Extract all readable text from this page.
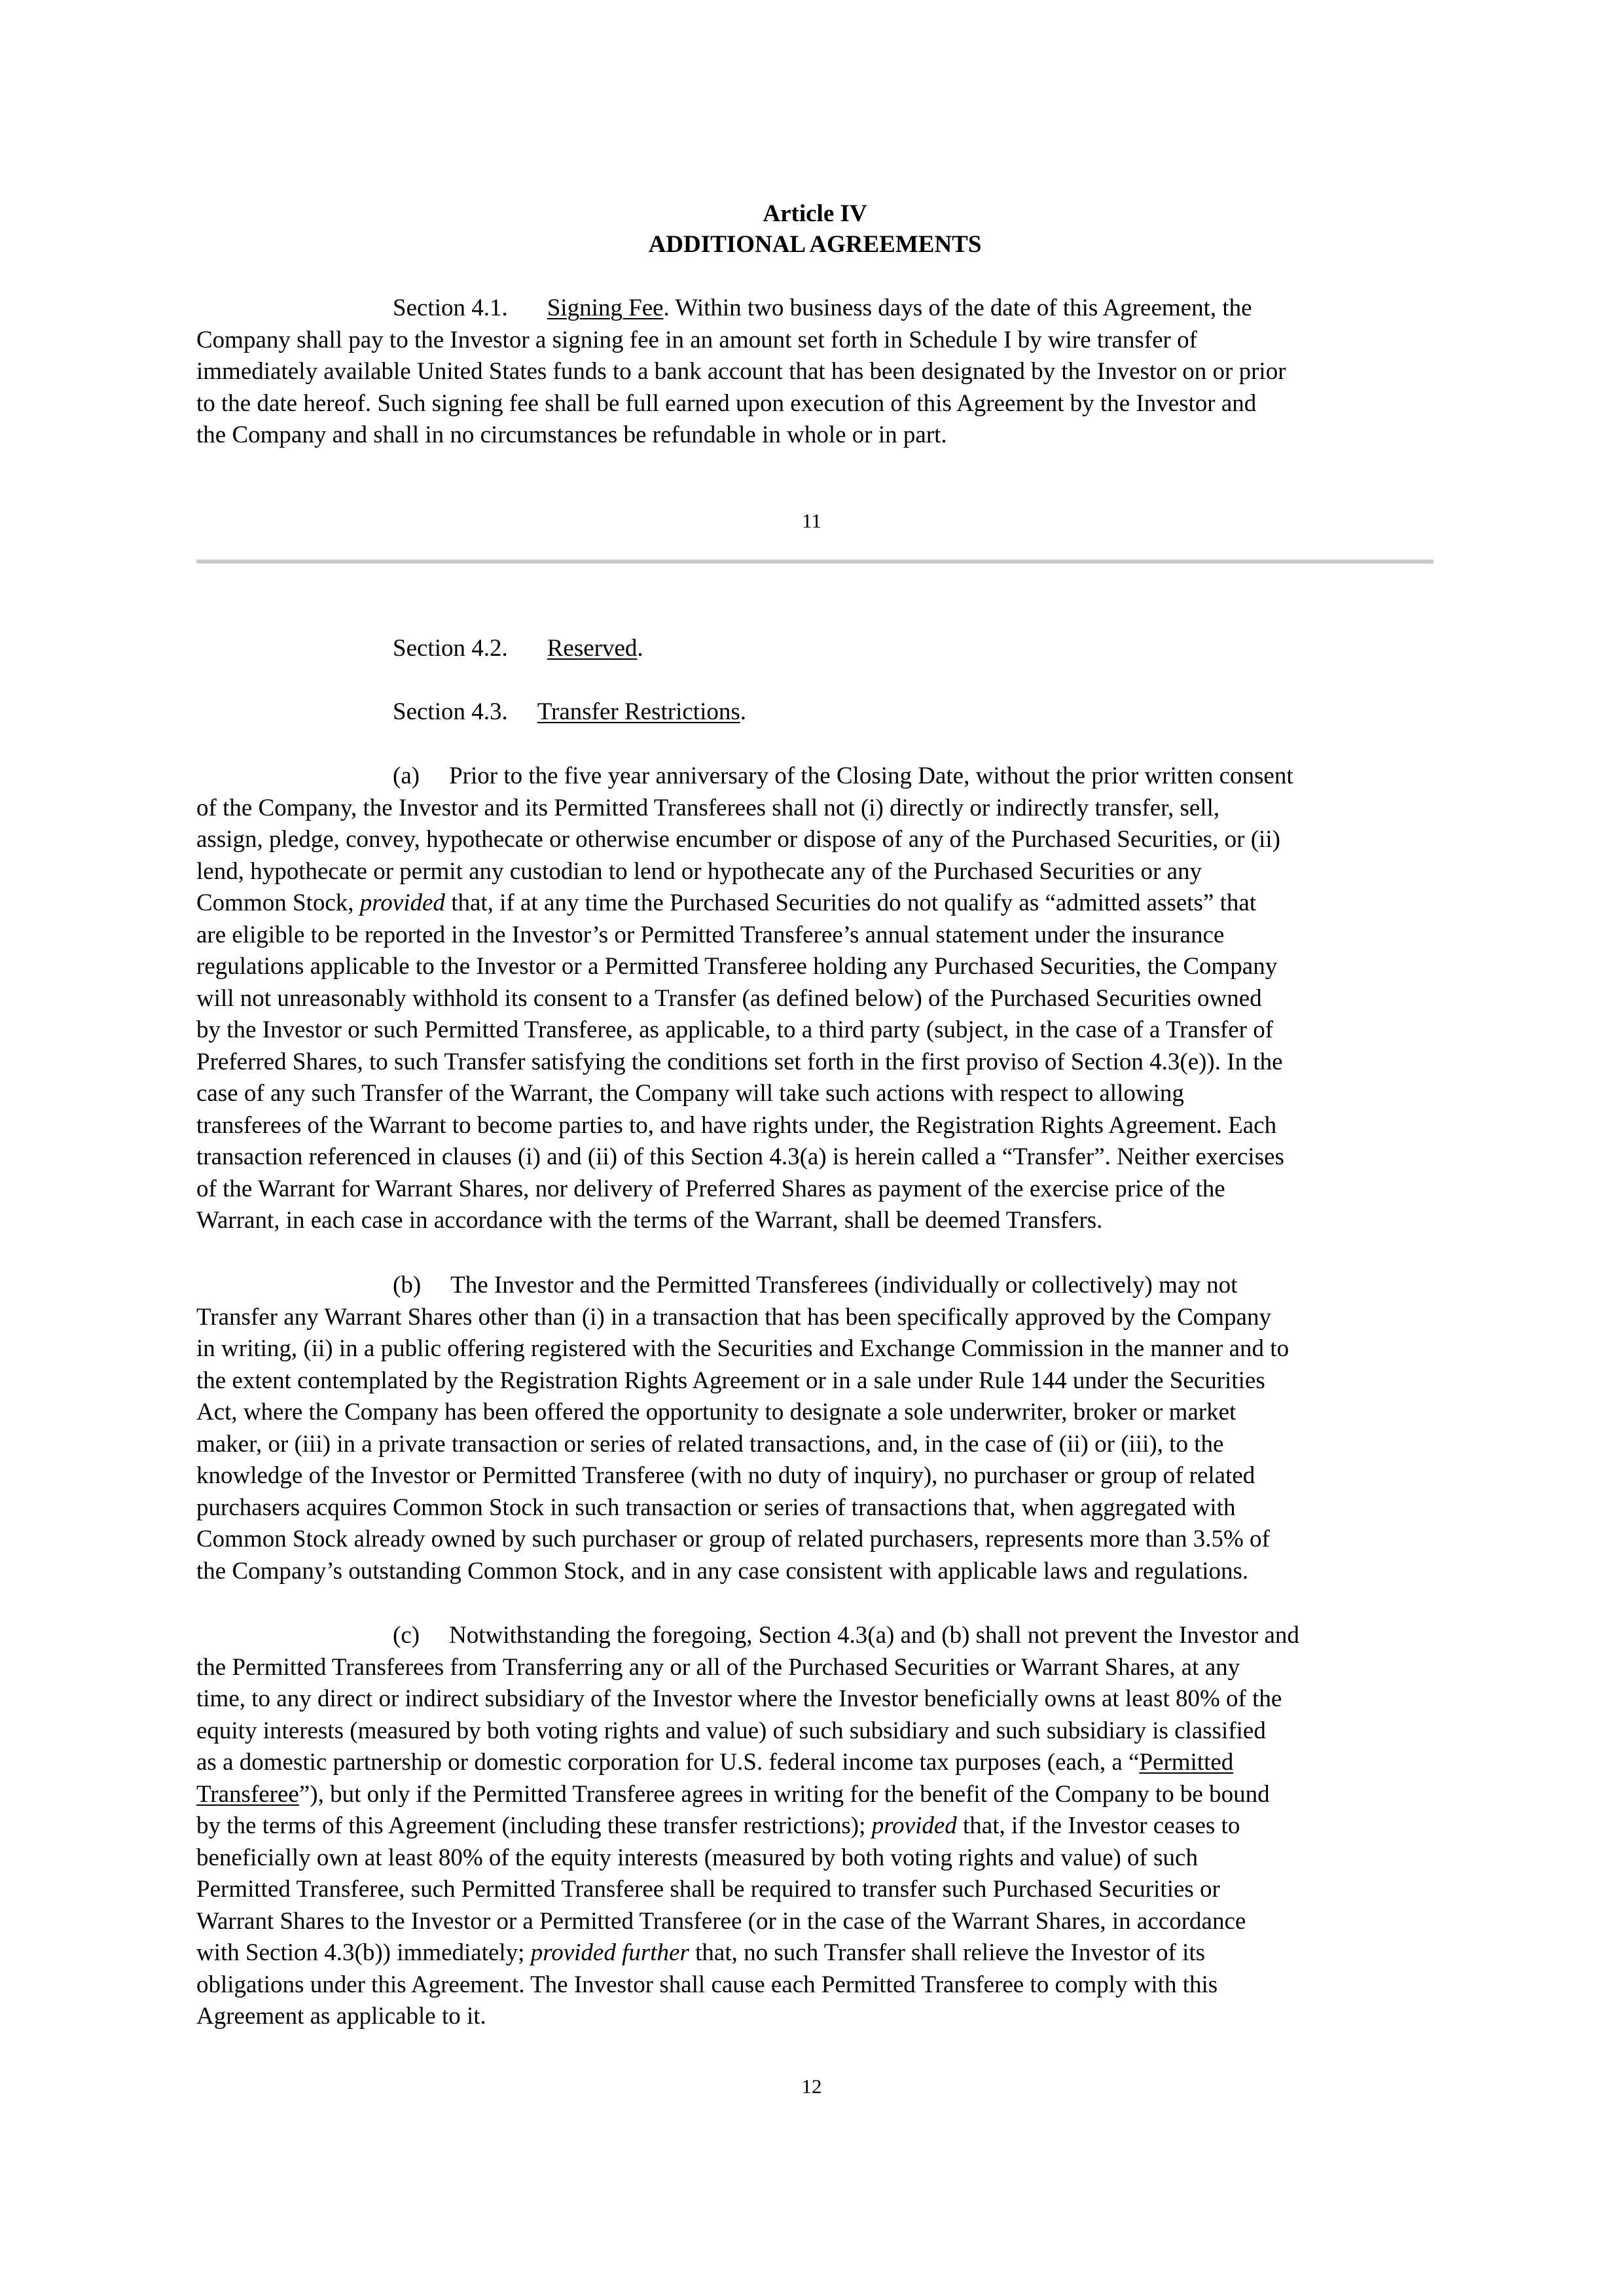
Article IV
ADDITIONAL AGREEMENTS
Section 4.1. Signing Fee. Within two business days of the date of this Agreement, the
Company shall pay to the Investor a signing fee in an amount set forth in Schedule I by wire transfer of
immediately available United States funds to a bank account that has been designated by the Investor on or prior
to the date hereof. Such signing fee shall be full earned upon execution of this Agreement by the Investor and
the Company and shall in no circumstances be refundable in whole or in part.
11
Section 4.2. Reserved.
Section 4.3. Transfer Restrictions.
(a) Prior to the five year anniversary of the Closing Date, without the prior written consent
of the Company, the Investor and its Permitted Transferees shall not (i) directly or indirectly transfer, sell,
assign, pledge, convey, hypothecate or otherwise encumber or dispose of any of the Purchased Securities, or (ii)
lend, hypothecate or permit any custodian to lend or hypothecate any of the Purchased Securities or any
Common Stock, provided that, if at any time the Purchased Securities do not qualify as “admitted assets” that
are eligible to be reported in the Investor’s or Permitted Transferee’s annual statement under the insurance
regulations applicable to the Investor or a Permitted Transferee holding any Purchased Securities, the Company
will not unreasonably withhold its consent to a Transfer (as defined below) of the Purchased Securities owned
by the Investor or such Permitted Transferee, as applicable, to a third party (subject, in the case of a Transfer of
Preferred Shares, to such Transfer satisfying the conditions set forth in the first proviso of Section 4.3(e)). In the
case of any such Transfer of the Warrant, the Company will take such actions with respect to allowing
transferees of the Warrant to become parties to, and have rights under, the Registration Rights Agreement. Each
transaction referenced in clauses (i) and (ii) of this Section 4.3(a) is herein called a “Transfer”. Neither exercises
of the Warrant for Warrant Shares, nor delivery of Preferred Shares as payment of the exercise price of the
Warrant, in each case in accordance with the terms of the Warrant, shall be deemed Transfers.
(b) The Investor and the Permitted Transferees (individually or collectively) may not
Transfer any Warrant Shares other than (i) in a transaction that has been specifically approved by the Company
in writing, (ii) in a public offering registered with the Securities and Exchange Commission in the manner and to
the extent contemplated by the Registration Rights Agreement or in a sale under Rule 144 under the Securities
Act, where the Company has been offered the opportunity to designate a sole underwriter, broker or market
maker, or (iii) in a private transaction or series of related transactions, and, in the case of (ii) or (iii), to the
knowledge of the Investor or Permitted Transferee (with no duty of inquiry), no purchaser or group of related
purchasers acquires Common Stock in such transaction or series of transactions that, when aggregated with
Common Stock already owned by such purchaser or group of related purchasers, represents more than 3.5% of
the Company’s outstanding Common Stock, and in any case consistent with applicable laws and regulations.
(c) Notwithstanding the foregoing, Section 4.3(a) and (b) shall not prevent the Investor and
the Permitted Transferees from Transferring any or all of the Purchased Securities or Warrant Shares, at any
time, to any direct or indirect subsidiary of the Investor where the Investor beneficially owns at least 80% of the
equity interests (measured by both voting rights and value) of such subsidiary and such subsidiary is classified
as a domestic partnership or domestic corporation for U.S. federal income tax purposes (each, a “Permitted
Transferee”), but only if the Permitted Transferee agrees in writing for the benefit of the Company to be bound
by the terms of this Agreement (including these transfer restrictions); provided that, if the Investor ceases to
beneficially own at least 80% of the equity interests (measured by both voting rights and value) of such
Permitted Transferee, such Permitted Transferee shall be required to transfer such Purchased Securities or
Warrant Shares to the Investor or a Permitted Transferee (or in the case of the Warrant Shares, in accordance
with Section 4.3(b)) immediately; provided further that, no such Transfer shall relieve the Investor of its
obligations under this Agreement. The Investor shall cause each Permitted Transferee to comply with this
Agreement as applicable to it.
12
